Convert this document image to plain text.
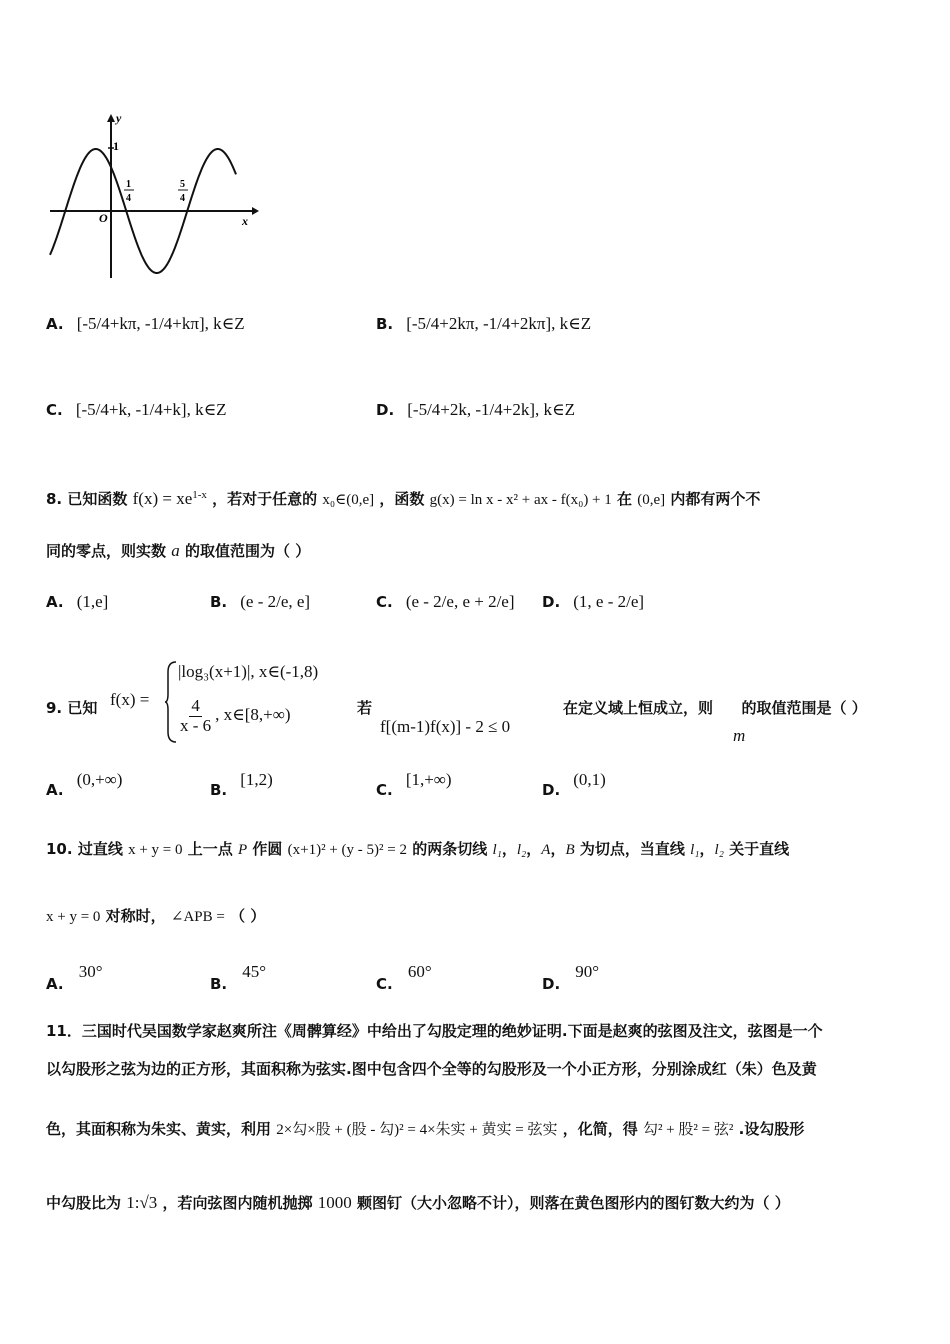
1
y
x
O
1
4
5
4
A. [-5/4+kπ, -1/4+kπ], k∈Z	B. [-5/4+2kπ, -1/4+2kπ], k∈Z
C. [-5/4+k, -1/4+k], k∈Z	D. [-5/4+2k, -1/4+2k], k∈Z
8. 已知函数 $f(x) = xe^{1-x}$ ，若对于任意的 x₀∈(0,e] ，函数 g(x) = ln x - x² + ax - f(x₀) + 1 在 (0,e] 内都有两个不
同的零点，则实数 a 的取值范围为（ ）
A. (1,e]	B. (e - 2/e, e]	C. (e - 2/e, e + 2/e] D. (1, e - 2/e]
9. 已知 f(x) =
|log₃(x+1)|, x∈(-1,8)
$\frac{4}{x - 6}$ , x∈[8,+∞)	若
f[(m-1)f(x)] - 2 ≤ 0
在定义域上恒成立，则 的取值范围是（ ）
m
A. (0,+∞)
B. [1,2)
C. [1,+∞)
D. (0,1)
10. 过直线 x + y = 0 上一点 P 作圆 (x+1)² + (y - 5)² = 2 的两条切线 l₁，l₂，A，B 为切点，当直线 l₁，l₂ 关于直线
x + y = 0 对称时， ∠APB = （ ）
A. 30°
B. 45°
C. 60°
D. 90°
11．三国时代吴国数学家赵爽所注《周髀算经》中给出了勾股定理的绝妙证明.下面是赵爽的弦图及注文，弦图是一个
以勾股形之弦为边的正方形，其面积称为弦实.图中包含四个全等的勾股形及一个小正方形，分别涂成红（朱）色及黄
色，其面积称为朱实、黄实，利用 2×勾×股 + (股 - 勾)² = 4×朱实 + 黄实 = 弦实 ，化简，得 勾² + 股² = 弦² .设勾股形
中勾股比为 1:√3 ，若向弦图内随机抛掷 1000 颗图钉（大小忽略不计），则落在黄色图形内的图钉数大约为（ ）
